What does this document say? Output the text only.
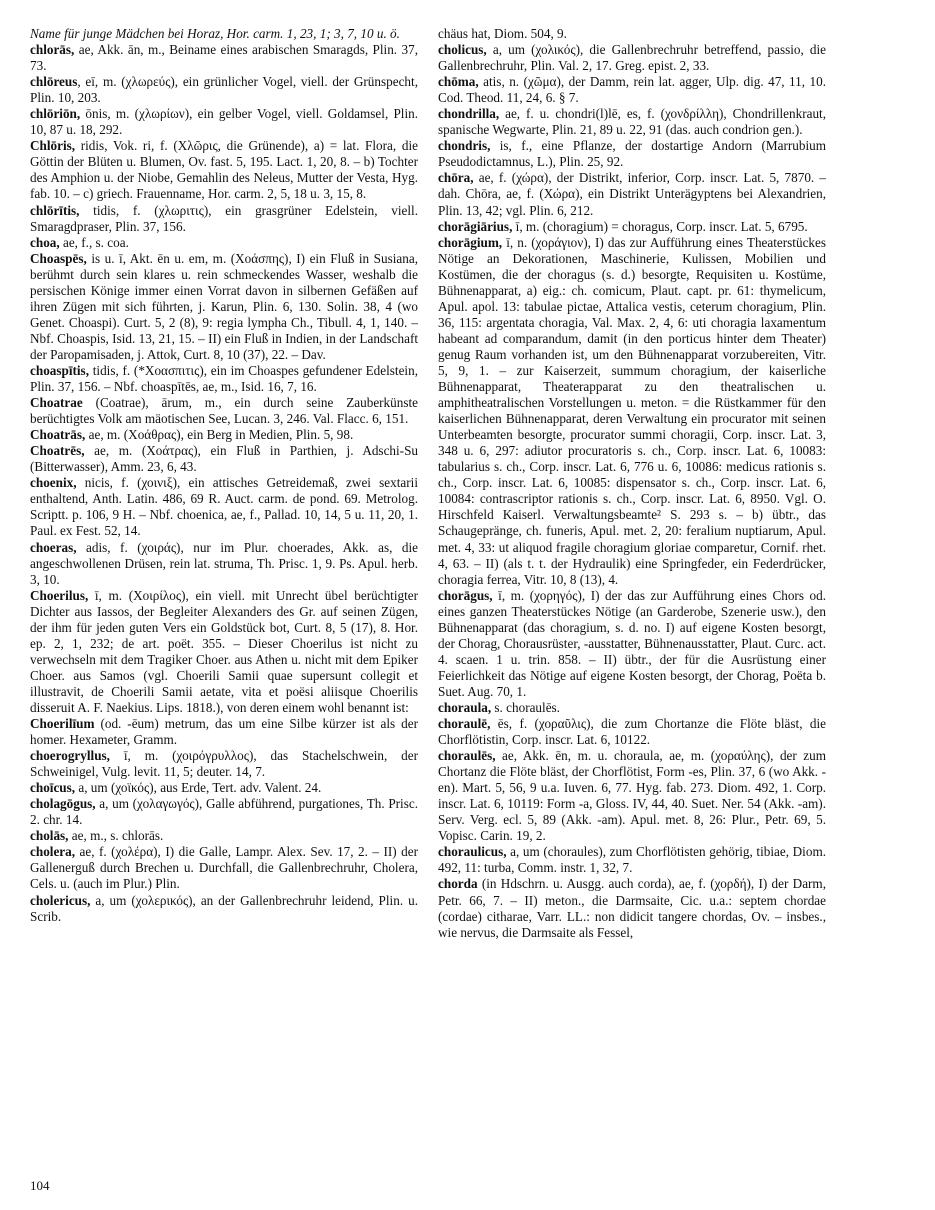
Name für junge Mädchen bei Horaz, Hor. carm. 1, 23, 1; 3, 7, 10 u. ö.

chlorās, ae, Akk. ān, m., Beiname eines arabischen Smaragds, Plin. 37, 73.

chlōreus, eī, m. (χλωρεύς), ein grünlicher Vogel, viell. der Grünspecht, Plin. 10, 203.

chlōriōn, ōnis, m. (χλωρίων), ein gelber Vogel, viell. Goldamsel, Plin. 10, 87 u. 18, 292.

Chlōris, ridis, Vok. ri, f. (Χλῶρις, die Grünende), a) = lat. Flora, die Göttin der Blüten u. Blumen, Ov. fast. 5, 195. Lact. 1, 20, 8. – b) Tochter des Amphion u. der Niobe, Gemahlin des Neleus, Mutter der Vesta, Hyg. fab. 10. – c) griech. Frauenname, Hor. carm. 2, 5, 18 u. 3, 15, 8.

chlōrītis, tidis, f. (χλωριτις), ein grasgrüner Edelstein, viell. Smaragdpraser, Plin. 37, 156.

choa, ae, f., s. coa.

Choaspēs, is u. ī, Akt. ēn u. em, m. (Χοάσπης), I) ein Fluß in Susiana, berühmt durch sein klares u. rein schmeckendes Wasser, weshalb die persischen Könige immer einen Vorrat davon in silbernen Gefäßen auf ihren Zügen mit sich führten, j. Karun, Plin. 6, 130. Solin. 38, 4 (wo Genet. Choaspi). Curt. 5, 2 (8), 9: regia lympha Ch., Tibull. 4, 1, 140. – Nbf. Choaspis, Isid. 13, 21, 15. – II) ein Fluß in Indien, in der Landschaft der Paropamisaden, j. Attok, Curt. 8, 10 (37), 22. – Dav.

choaspītis, tidis, f. (*Χοασπιτις), ein im Choaspes gefundener Edelstein, Plin. 37, 156. – Nbf. choaspītēs, ae, m., Isid. 16, 7, 16.

Choatrae (Coatrae), ārum, m., ein durch seine Zauberkünste berüchtigtes Volk am mäotischen See, Lucan. 3, 246. Val. Flacc. 6, 151.

Choatrās, ae, m. (Χοάθρας), ein Berg in Medien, Plin. 5, 98.

Choatrēs, ae, m. (Χοάτρας), ein Fluß in Parthien, j. Adschi-Su (Bitterwasser), Amm. 23, 6, 43.

choenix, nicis, f. (χοινιξ), ein attisches Getreidemaß, zwei sextarii enthaltend, Anth. Latin. 486, 69 R. Auct. carm. de pond. 69. Metrolog. Scriptt. p. 106, 9 H. – Nbf. choenica, ae, f., Pallad. 10, 14, 5 u. 11, 20, 1. Paul. ex Fest. 52, 14.

choeras, adis, f. (χοιράς), nur im Plur. choerades, Akk. as, die angeschwollenen Drüsen, rein lat. struma, Th. Prisc. 1, 9. Ps. Apul. herb. 3, 10.

Choerilus, ī, m. (Χοιρίλος), ein viell. mit Unrecht übel berüchtigter Dichter aus Iassos, der Begleiter Alexanders des Gr. auf seinen Zügen, der ihm für jeden guten Vers ein Goldstück bot, Curt. 8, 5 (17), 8. Hor. ep. 2, 1, 232; de art. poët. 355. – Dieser Choerilus ist nicht zu verwechseln mit dem Tragiker Choer. aus Athen u. nicht mit dem Epiker Choer. aus Samos (vgl. Choerili Samii quae supersunt collegit et illustravit, de Choerili Samii aetate, vita et poësi aliisque Choerilis disseruit A. F. Naekius. Lips. 1818.), von deren einem wohl benannt ist:

Choerilīum (od. -ēum) metrum, das um eine Silbe kürzer ist als der homer. Hexameter, Gramm.

choerogryllus, ī, m. (χοιρόγρυλλος), das Stachelschwein, der Schweinigel, Vulg. levit. 11, 5; deuter. 14, 7.

choīcus, a, um (χοϊκός), aus Erde, Tert. adv. Valent. 24.

cholagōgus, a, um (χολαγωγός), Galle abführend, purgationes, Th. Prisc. 2. chr. 14.

cholās, ae, m., s. chlorās.

cholera, ae, f. (χολέρα), I) die Galle, Lampr. Alex. Sev. 17, 2. – II) der Gallenerguß durch Brechen u. Durchfall, die Gallenbrechruhr, Cholera, Cels. u. (auch im Plur.) Plin.

cholericus, a, um (χολερικός), an der Gallenbrechruhr leidend, Plin. u. Scrib.

chäus hat, Diom. 504, 9.

cholicus, a, um (χολικός), die Gallenbrechruhr betreffend, passio, die Gallenbrechruhr, Plin. Val. 2, 17. Greg. epist. 2, 33.

chōma, atis, n. (χῶμα), der Damm, rein lat. agger, Ulp. dig. 47, 11, 10. Cod. Theod. 11, 24, 6. § 7.

chondrilla, ae, f. u. chondri(l)lē, es, f. (χονδρίλλη), Chondrillenkraut, spanische Wegwarte, Plin. 21, 89 u. 22, 91 (das. auch condrion gen.).

chondris, is, f., eine Pflanze, der dostartige Andorn (Marrubium Pseudodictamnus, L.), Plin. 25, 92.

chōra, ae, f. (χώρα), der Distrikt, inferior, Corp. inscr. Lat. 5, 7870. – dah. Chōra, ae, f. (Χώρα), ein Distrikt Unterägyptens bei Alexandrien, Plin. 13, 42; vgl. Plin. 6, 212.

chorāgiārius, ī, m. (choragium) = choragus, Corp. inscr. Lat. 5, 6795.

chorāgium, ī, n. (χοράγιον), I) das zur Aufführung eines Theaterstückes Nötige an Dekorationen, Maschinerie, Kulissen, Mobilien und Kostümen, die der choragus (s. d.) besorgte, Requisiten u. Kostüme, Bühnenapparat, a) eig.: ch. comicum, Plaut. capt. pr. 61: thymelicum, Apul. apol. 13: tabulae pictae, Attalica vestis, ceterum choragium, Plin. 36, 115: argentata choragia, Val. Max. 2, 4, 6: uti choragia laxamentum habeant ad comparandum, damit (in den porticus hinter dem Theater) genug Raum vorhanden ist, um den Bühnenapparat vorzubereiten, Vitr. 5, 9, 1. – zur Kaiserzeit, summum choragium, der kaiserliche Bühnenapparat, Theaterapparat zu den theatralischen u. amphitheatralischen Vorstellungen u. meton. = die Rüstkammer für den kaiserlichen Bühnenapparat, deren Verwaltung ein procurator mit seinen Unterbeamten besorgte, procurator summi choragii, Corp. inscr. Lat. 3, 348 u. 6, 297: adiutor procuratoris s. ch., Corp. inscr. Lat. 6, 10083: tabularius s. ch., Corp. inscr. Lat. 6, 776 u. 6, 10086: medicus rationis s. ch., Corp. inscr. Lat. 6, 10085: dispensator s. ch., Corp. inscr. Lat. 6, 10084: contrascriptor rationis s. ch., Corp. inscr. Lat. 6, 8950. Vgl. O. Hirschfeld Kaiserl. Verwaltungsbeamte² S. 293 s. – b) übtr., das Schaugepränge, ch. funeris, Apul. met. 2, 20: feralium nuptiarum, Apul. met. 4, 33: ut aliquod fragile choragium gloriae comparetur, Cornif. rhet. 4, 63. – II) (als t. t. der Hydraulik) eine Springfeder, ein Federdrücker, choragia ferrea, Vitr. 10, 8 (13), 4.

chorāgus, ī, m. (χορηγός), I) der das zur Aufführung eines Chors od. eines ganzen Theaterstückes Nötige (an Garderobe, Szenerie usw.), den Bühnenapparat (das choragium, s. d. no. I) auf eigene Kosten besorgt, der Chorag, Chorausrüster, -ausstatter, Bühnenausstatter, Plaut. Curc. act. 4. scaen. 1 u. trin. 858. – II) übtr., der für die Ausrüstung einer Feierlichkeit das Nötige auf eigene Kosten besorgt, der Chorag, Poëta b. Suet. Aug. 70, 1.

choraula, s. choraulēs.

choraulē, ēs, f. (χοραῦλις), die zum Chortanze die Flöte bläst, die Chorflötistin, Corp. inscr. Lat. 6, 10122.

choraulēs, ae, Akk. ēn, m. u. choraula, ae, m. (χοραύλης), der zum Chortanz die Flöte bläst, der Chorflötist, Form -es, Plin. 37, 6 (wo Akk. -en). Mart. 5, 56, 9 u.a. Iuven. 6, 77. Hyg. fab. 273. Diom. 492, 1. Corp. inscr. Lat. 6, 10119: Form -a, Gloss. IV, 44, 40. Suet. Ner. 54 (Akk. -am). Serv. Verg. ecl. 5, 89 (Akk. -am). Apul. met. 8, 26: Plur., Petr. 69, 5. Vopisc. Carin. 19, 2.

choraulicus, a, um (choraules), zum Chorflötisten gehörig, tibiae, Diom. 492, 11: turba, Comm. instr. 1, 32, 7.

chorda (in Hdschrn. u. Ausgg. auch corda), ae, f. (χορδή), I) der Darm, Petr. 66, 7. – II) meton., die Darmsaite, Cic. u.a.: septem chordae (cordae) citharae, Varr. LL.: non didicit tangere chordas, Ov. – insbes., wie nervus, die Darmsaite als Fessel,

104
